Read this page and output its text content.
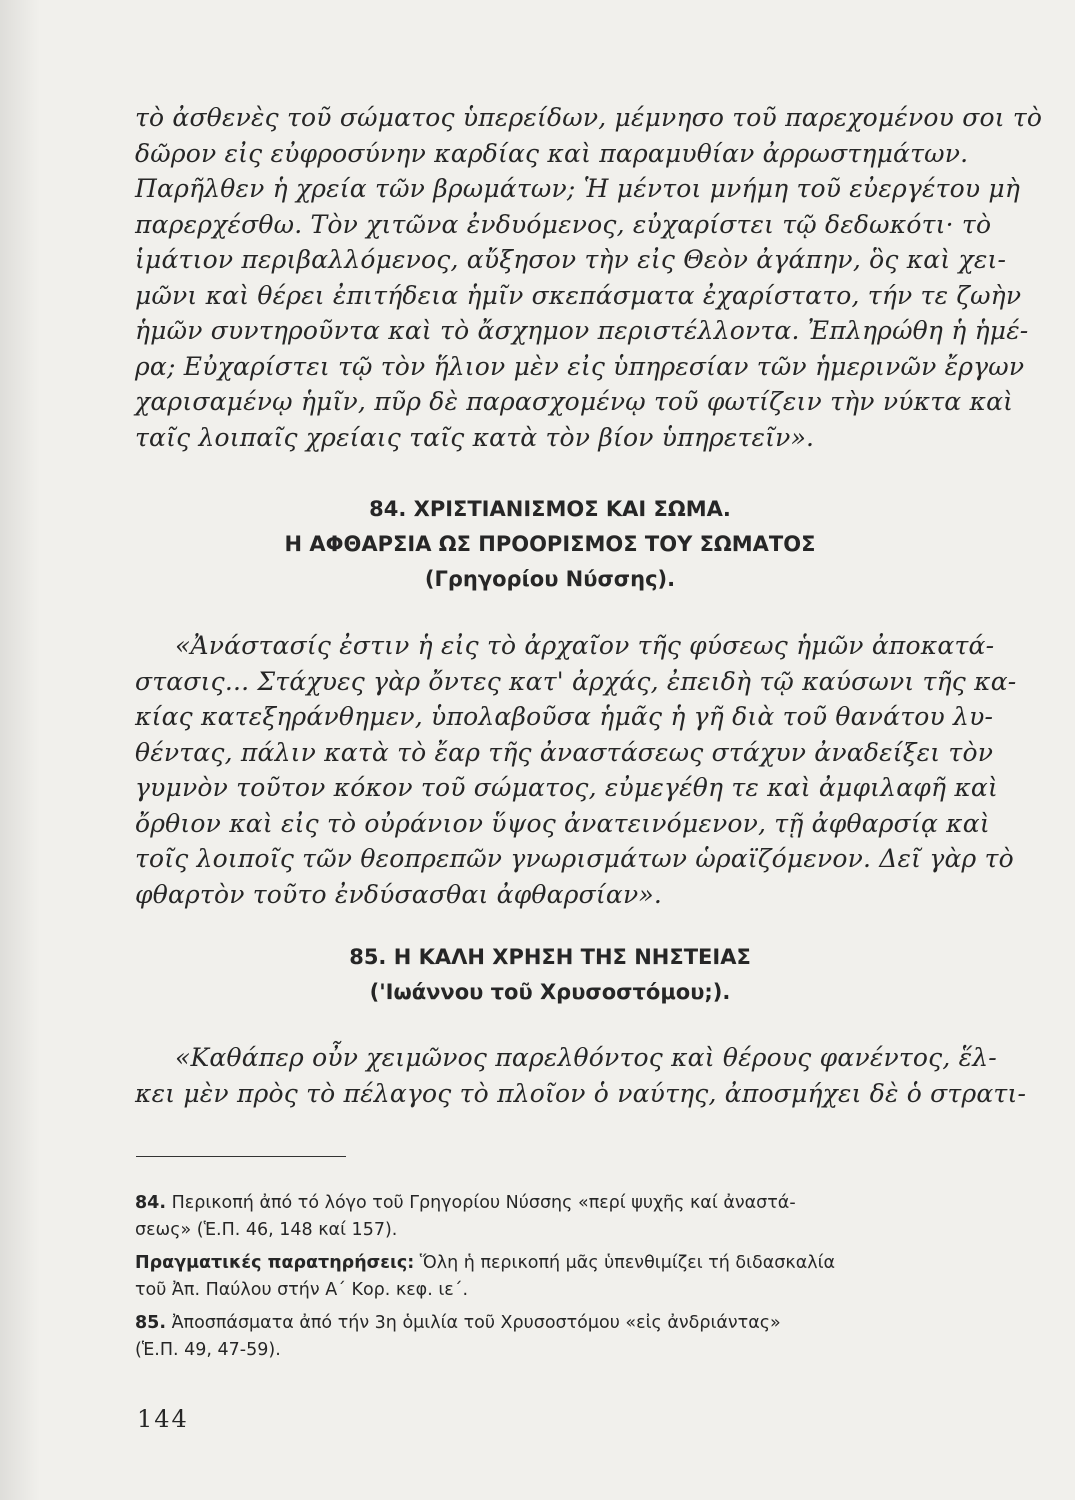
τὸ ἀσθενὲς τοῦ σώματος ὑπερείδων, μέμνησο τοῦ παρεχομένου σοι τὸ
δῶρον εἰς εὐφροσύνην καρδίας καὶ παραμυθίαν ἀρρωστημάτων.
Παρῆλθεν ἡ χρεία τῶν βρωμάτων; Ἡ μέντοι μνήμη τοῦ εὐεργέτου μὴ
παρερχέσθω. Τὸν χιτῶνα ἐνδυόμενος, εὐχαρίστει τῷ δεδωκότι· τὸ
ἱμάτιον περιβαλλόμενος, αὔξησον τὴν εἰς Θεὸν ἀγάπην, ὃς καὶ χει-
μῶνι καὶ θέρει ἐπιτήδεια ἡμῖν σκεπάσματα ἐχαρίστατο, τήν τε ζωὴν
ἡμῶν συντηροῦντα καὶ τὸ ἄσχημον περιστέλλοντα. Ἐπληρώθη ἡ ἡμέ-
ρα; Εὐχαρίστει τῷ τὸν ἥλιον μὲν εἰς ὑπηρεσίαν τῶν ἡμερινῶν ἔργων
χαρισαμένῳ ἡμῖν, πῦρ δὲ παρασχομένῳ τοῦ φωτίζειν τὴν νύκτα καὶ
ταῖς λοιπαῖς χρείαις ταῖς κατὰ τὸν βίον ὑπηρετεῖν».
84. ΧΡΙΣΤΙΑΝΙΣΜΟΣ ΚΑΙ ΣΩΜΑ.
Η ΑΦΘΑΡΣΙΑ ΩΣ ΠΡΟΟΡΙΣΜΟΣ ΤΟΥ ΣΩΜΑΤΟΣ
(Γρηγορίου Νύσσης).
«Ἀνάστασίς ἐστιν ἡ εἰς τὸ ἀρχαῖον τῆς φύσεως ἡμῶν ἀποκατά-
στασις... Στάχυες γὰρ ὄντες κατ' ἀρχάς, ἐπειδὴ τῷ καύσωνι τῆς κα-
κίας κατεξηράνθημεν, ὑπολαβοῦσα ἡμᾶς ἡ γῆ διὰ τοῦ θανάτου λυ-
θέντας, πάλιν κατὰ τὸ ἔαρ τῆς ἀναστάσεως στάχυν ἀναδείξει τὸν
γυμνὸν τοῦτον κόκον τοῦ σώματος, εὐμεγέθη τε καὶ ἀμφιλαφῆ καὶ
ὄρθιον καὶ εἰς τὸ οὐράνιον ὕψος ἀνατεινόμενον, τῇ ἀφθαρσίᾳ καὶ
τοῖς λοιποῖς τῶν θεοπρεπῶν γνωρισμάτων ὡραϊζόμενον. Δεῖ γὰρ τὸ
φθαρτὸν τοῦτο ἐνδύσασθαι ἀφθαρσίαν».
85. Η ΚΑΛΗ ΧΡΗΣΗ ΤΗΣ ΝΗΣΤΕΙΑΣ
('Ιωάννου τοῦ Χρυσοστόμου;).
«Καθάπερ οὖν χειμῶνος παρελθόντος καὶ θέρους φανέντος, ἕλ-
κει μὲν πρὸς τὸ πέλαγος τὸ πλοῖον ὁ ναύτης, ἀποσμήχει δὲ ὁ στρατι-
84. Περικοπή ἀπό τό λόγο τοῦ Γρηγορίου Νύσσης «περί ψυχῆς καί ἀναστά-
σεως» (Ἑ.Π. 46, 148 καί 157).
Πραγματικές παρατηρήσεις: Ὅλη ἡ περικοπή μᾶς ὑπενθιμίζει τή διδασκαλία
τοῦ Ἀπ. Παύλου στήν Α΄ Κορ. κεφ. ιε΄.
85. Ἀποσπάσματα ἀπό τήν 3η ὁμιλία τοῦ Χρυσοστόμου «εἰς ἀνδριάντας»
(Ἑ.Π. 49, 47-59).
144
